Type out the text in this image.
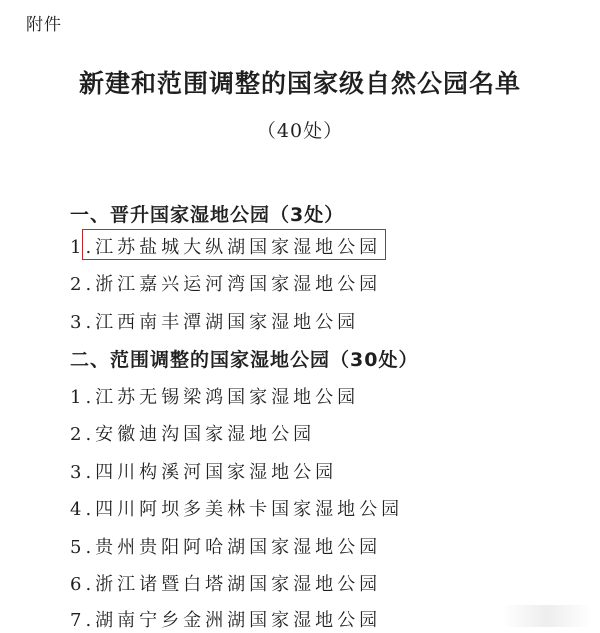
附件
新建和范围调整的国家级自然公园名单
（40处）
一、晋升国家湿地公园（3处）
1.江苏盐城大纵湖国家湿地公园
2.浙江嘉兴运河湾国家湿地公园
3.江西南丰潭湖国家湿地公园
二、范围调整的国家湿地公园（30处）
1.江苏无锡梁鸿国家湿地公园
2.安徽迪沟国家湿地公园
3.四川构溪河国家湿地公园
4.四川阿坝多美林卡国家湿地公园
5.贵州贵阳阿哈湖国家湿地公园
6.浙江诸暨白塔湖国家湿地公园
7.湖南宁乡金洲湖国家湿地公园
